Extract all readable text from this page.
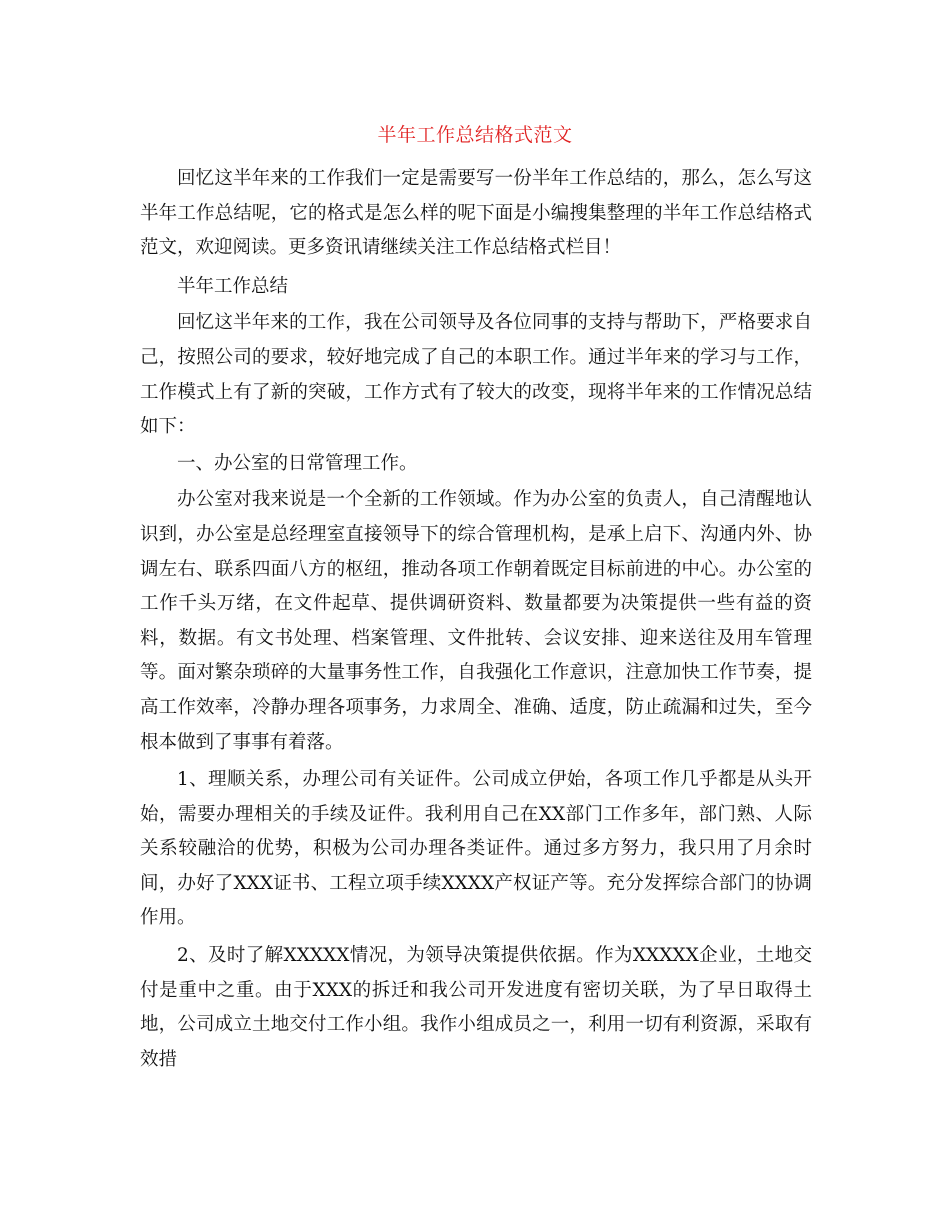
半年工作总结格式范文

回忆这半年来的工作我们一定是需要写一份半年工作总结的，那么，怎么写这半年工作总结呢，它的格式是怎么样的呢下面是小编搜集整理的半年工作总结格式范文，欢迎阅读。更多资讯请继续关注工作总结格式栏目！

半年工作总结

回忆这半年来的工作，我在公司领导及各位同事的支持与帮助下，严格要求自己，按照公司的要求，较好地完成了自己的本职工作。通过半年来的学习与工作，工作模式上有了新的突破，工作方式有了较大的改变，现将半年来的工作情况总结如下：

一、办公室的日常管理工作。

办公室对我来说是一个全新的工作领域。作为办公室的负责人，自己清醒地认识到，办公室是总经理室直接领导下的综合管理机构，是承上启下、沟通内外、协调左右、联系四面八方的枢纽，推动各项工作朝着既定目标前进的中心。办公室的工作千头万绪，在文件起草、提供调研资料、数量都要为决策提供一些有益的资料，数据。有文书处理、档案管理、文件批转、会议安排、迎来送往及用车管理等。面对繁杂琐碎的大量事务性工作，自我强化工作意识，注意加快工作节奏，提高工作效率，冷静办理各项事务，力求周全、准确、适度，防止疏漏和过失，至今根本做到了事事有着落。

1、理顺关系，办理公司有关证件。公司成立伊始，各项工作几乎都是从头开始，需要办理相关的手续及证件。我利用自己在XX部门工作多年，部门熟、人际关系较融洽的优势，积极为公司办理各类证件。通过多方努力，我只用了月余时间，办好了XXX证书、工程立项手续XXXX产权证产等。充分发挥综合部门的协调作用。

2、及时了解XXXXX情况，为领导决策提供依据。作为XXXXX企业，土地交付是重中之重。由于XXX的拆迁和我公司开发进度有密切关联，为了早日取得土地，公司成立土地交付工作小组。我作小组成员之一，利用一切有利资源，采取有效措
